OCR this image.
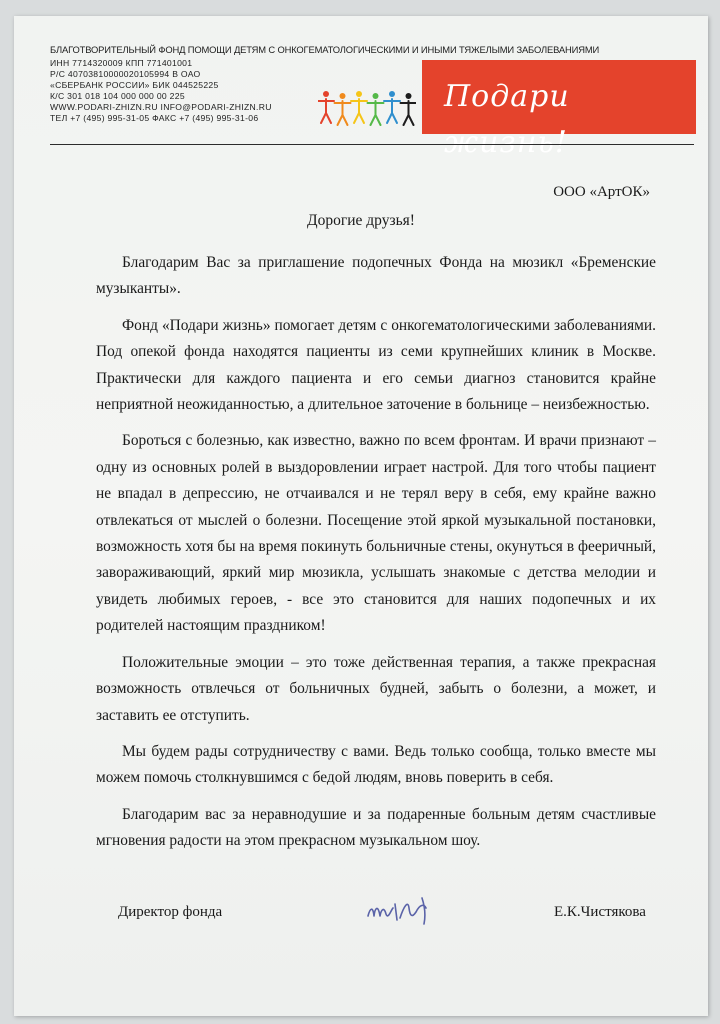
БЛАГОТВОРИТЕЛЬНЫЙ ФОНД ПОМОЩИ ДЕТЯМ С ОНКОГЕМАТОЛОГИЧЕСКИМИ И ИНЫМИ ТЯЖЕЛЫМИ ЗАБОЛЕВАНИЯМИ
ИНН 7714320009 КПП 771401001
Р/С 40703810000020105994 В ОАО
«СБЕРБАНК РОССИИ» БИК 044525225
К/С 301 018 104 000 000 00 225
WWW.PODARI-ZHIZN.RU INFO@PODARI-ZHIZN.RU
ТЕЛ +7 (495) 995-31-05 ФАКС +7 (495) 995-31-06
Подари жизнь!
ООО «АртОК»
Дорогие друзья!

Благодарим Вас за приглашение подопечных Фонда на мюзикл «Бременские музыканты».

Фонд «Подари жизнь» помогает детям с онкогематологическими заболеваниями. Под опекой фонда находятся пациенты из семи крупнейших клиник в Москве. Практически для каждого пациента и его семьи диагноз становится крайне неприятной неожиданностью, а длительное заточение в больнице – неизбежностью.

Бороться с болезнью, как известно, важно по всем фронтам. И врачи признают – одну из основных ролей в выздоровлении играет настрой. Для того чтобы пациент не впадал в депрессию, не отчаивался и не терял веру в себя, ему крайне важно отвлекаться от мыслей о болезни. Посещение этой яркой музыкальной постановки, возможность хотя бы на время покинуть больничные стены, окунуться в фееричный, завораживающий, яркий мир мюзикла, услышать знакомые с детства мелодии и увидеть любимых героев, - все это становится для наших подопечных и их родителей настоящим праздником!

Положительные эмоции – это тоже действенная терапия, а также прекрасная возможность отвлечься от больничных будней, забыть о болезни, а может, и заставить ее отступить.

Мы будем рады сотрудничеству с вами. Ведь только сообща, только вместе мы можем помочь столкнувшимся с бедой людям, вновь поверить в себя.

Благодарим вас за неравнодушие и за подаренные больным детям счастливые мгновения радости на этом прекрасном музыкальном шоу.

Директор фонда	Е.К.Чистякова
